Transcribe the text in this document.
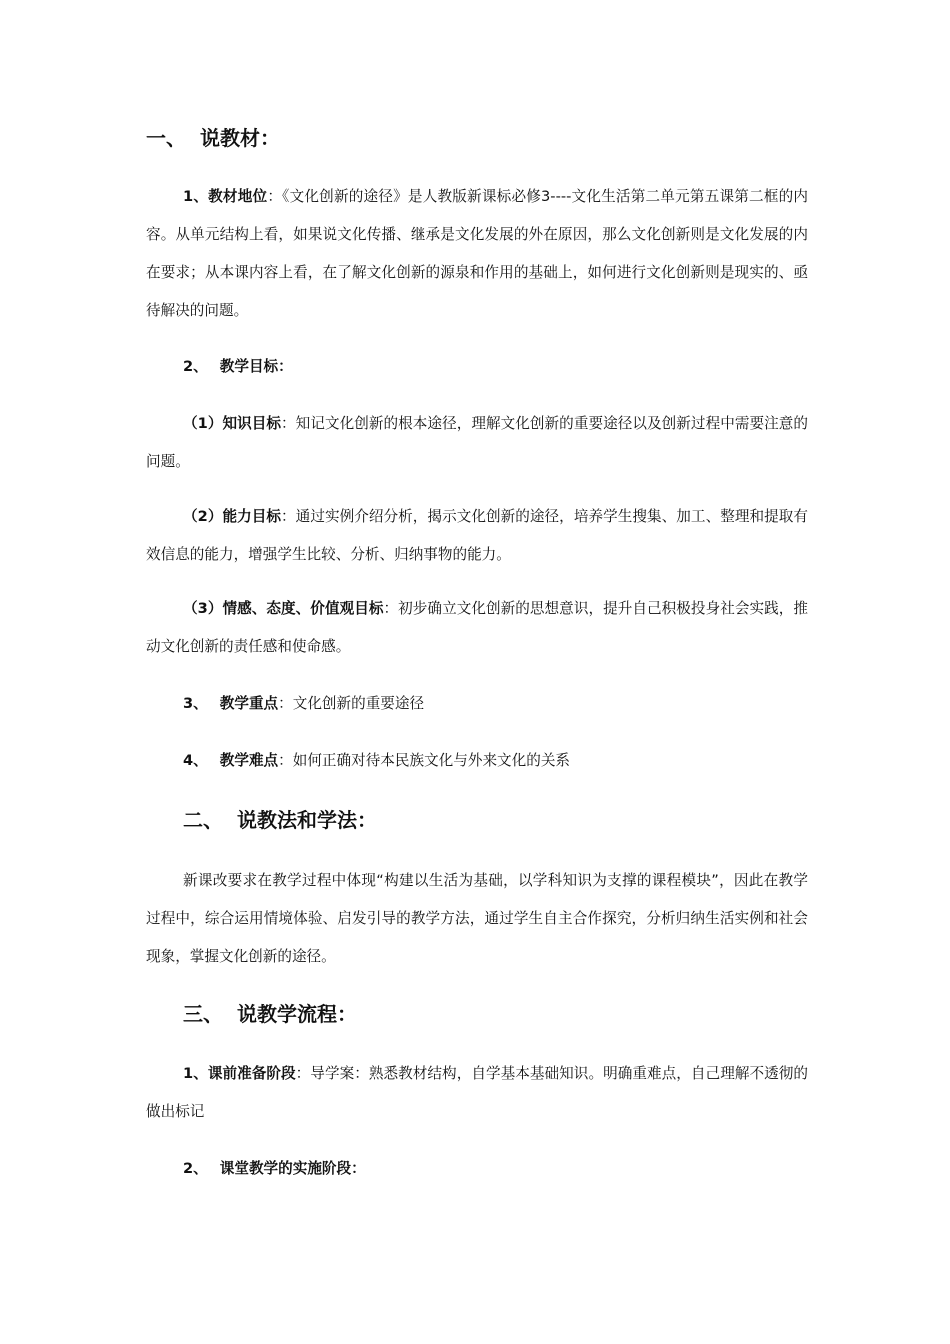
一、 说教材：

1、教材地位：《文化创新的途径》是人教版新课标必修3----文化生活第二单元第五课第二框的内容。从单元结构上看，如果说文化传播、继承是文化发展的外在原因，那么文化创新则是文化发展的内在要求；从本课内容上看，在了解文化创新的源泉和作用的基础上，如何进行文化创新则是现实的、亟待解决的问题。

2、 教学目标：

（1）知识目标：知记文化创新的根本途径，理解文化创新的重要途径以及创新过程中需要注意的问题。

（2）能力目标：通过实例介绍分析，揭示文化创新的途径，培养学生搜集、加工、整理和提取有效信息的能力，增强学生比较、分析、归纳事物的能力。

（3）情感、态度、价值观目标：初步确立文化创新的思想意识，提升自己积极投身社会实践，推动文化创新的责任感和使命感。

3、 教学重点：文化创新的重要途径

4、 教学难点：如何正确对待本民族文化与外来文化的关系

二、 说教法和学法：

新课改要求在教学过程中体现“构建以生活为基础，以学科知识为支撑的课程模块”，因此在教学过程中，综合运用情境体验、启发引导的教学方法，通过学生自主合作探究，分析归纳生活实例和社会现象，掌握文化创新的途径。

三、 说教学流程：

1、课前准备阶段：导学案：熟悉教材结构，自学基本基础知识。明确重难点，自己理解不透彻的做出标记

2、 课堂教学的实施阶段：
